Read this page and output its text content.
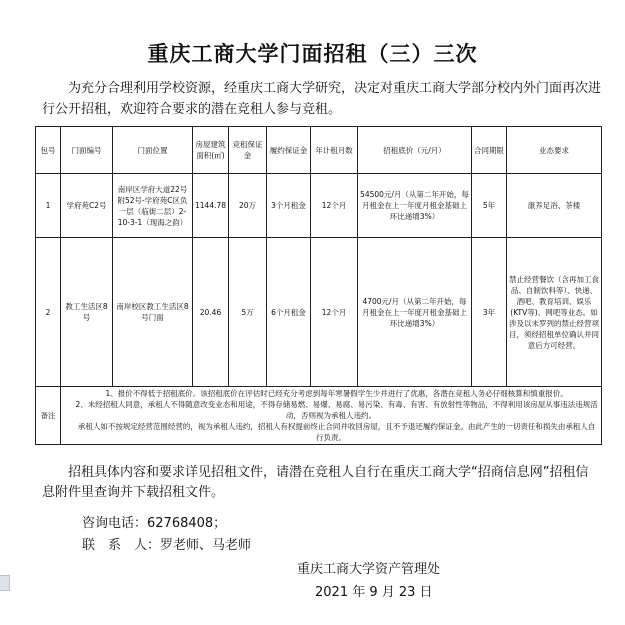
重庆工商大学门面招租（三）三次
为充分合理利用学校资源，经重庆工商大学研究，决定对重庆工商大学部分校内外门面再次进行公开招租，欢迎符合要求的潜在竞租人参与竞租。
包号	门面编号	门面位置	房屋建筑面积(㎡)	竞租保证金	履约保证金	年计租月数	招租底价（元/月）	合同期限	业态要求
1	学府苑C2号	南岸区学府大道22号附52号-学府苑C区负一层（临街二层）2-10-3-1（现海之韵）	1144.78	20万	3个月租金	12个月	54500元/月（从第二年开始，每月租金在上一年度月租金基础上环比递增3%）	5年	康养足浴、茶楼
2	教工生活区8号	南岸校区教工生活区8号门面	20.46	5万	6个月租金	12个月	4700元/月（从第二年开始，每月租金在上一年度月租金基础上环比递增3%）	3年	禁止经营餐饮（含再加工食品、自制饮料等）、快递、酒吧、教育培训、娱乐(KTV等)、网吧等业态。如涉及以未罗列的禁止经营项目，须经招租单位确认并同意后方可经营。
备注	1、报价不得低于招租底价。该招租底价在评估时已经充分考虑到每年寒暑假学生少并进行了优惠，各潜在竞租人务必仔细核算和慎重报价。
2、未经招租人同意，承租人不得随意改变业态和用途，不得存储易燃、易爆、易腐、易污染、有毒、有害、有放射性等物品，不得利用该房屋从事违法违规活动，否则视为承租人违约。
承租人如不按规定经营范围经营的，视为承租人违约，招租人有权提前终止合同并收回房屋，且不予退还履约保证金。由此产生的一切责任和损失由承租人自行负责。								
招租具体内容和要求详见招租文件，请潜在竞租人自行在重庆工商大学“招商信息网”招租信息附件里查询并下载招租文件。
咨询电话：62768408；
联　系　人：罗老师、马老师
重庆工商大学资产管理处
2021 年 9 月 23 日
